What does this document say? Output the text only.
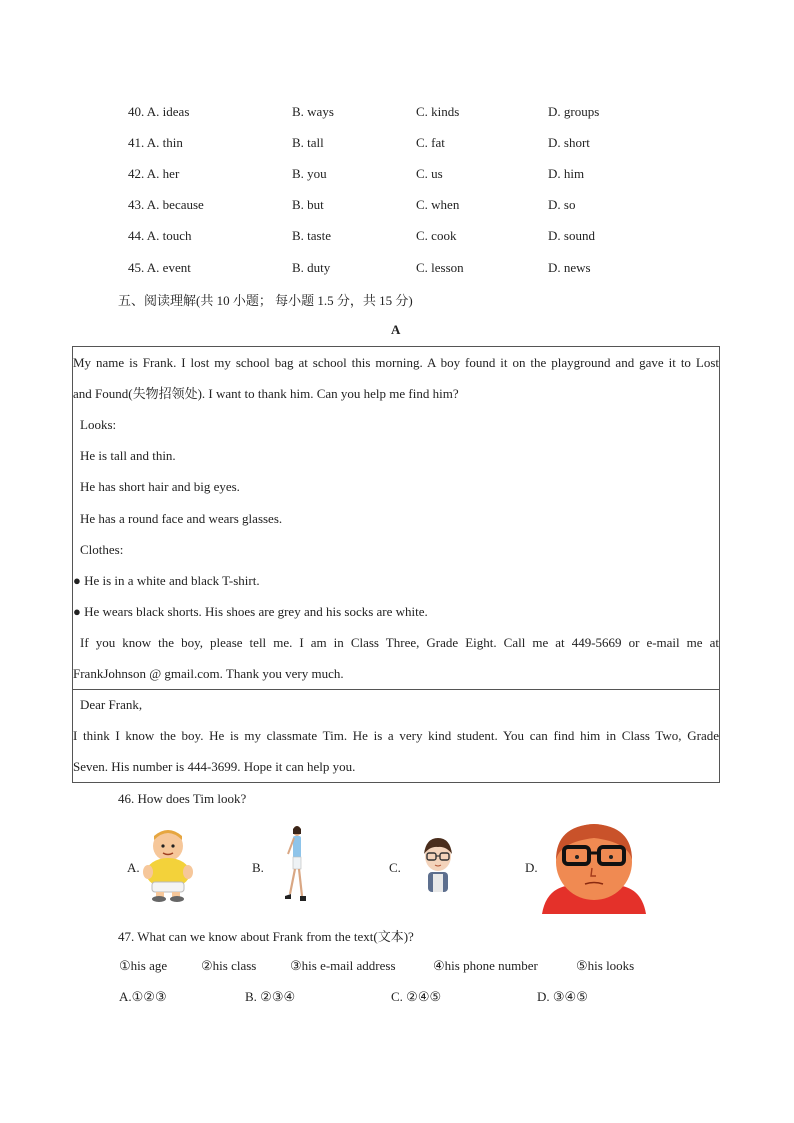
40. A. ideas	B. ways	C. kinds	D. groups
41. A. thin	B. tall	C. fat	D. short
42. A. her	B. you	C. us	D. him
43. A. because	B. but	C. when	D. so
44. A. touch	B. taste	C. cook	D. sound
45. A. event	B. duty	C. lesson	D. news
五、阅读理解(共 10 小题； 每小题 1.5 分，共 15 分)
A
My name is Frank. I lost my school bag at school this morning. A boy found it on the playground and gave it to Lost
and Found(失物招领处). I want to thank him. Can you help me find him?
Looks:
He is tall and thin.
He has short hair and big eyes.
He has a round face and wears glasses.
Clothes:
● He is in a white and black T-shirt.
● He wears black shorts. His shoes are grey and his socks are white.
If you know the boy, please tell me. I am in Class Three, Grade Eight. Call me at 449-5669 or e-mail me at
FrankJohnson @ gmail.com. Thank you very much.
Dear Frank,
I think I know the boy. He is my classmate Tim. He is a very kind student. You can find him in Class Two, Grade
Seven. His number is 444-3699. Hope it can help you.
46. How does Tim look?
A.	B.	C.	D.
47. What can we know about Frank from the text(文本)?
①his age	②his class	③his e-mail address	④his phone number	⑤his looks
A.①②③	B. ②③④	C. ②④⑤	D. ③④⑤
